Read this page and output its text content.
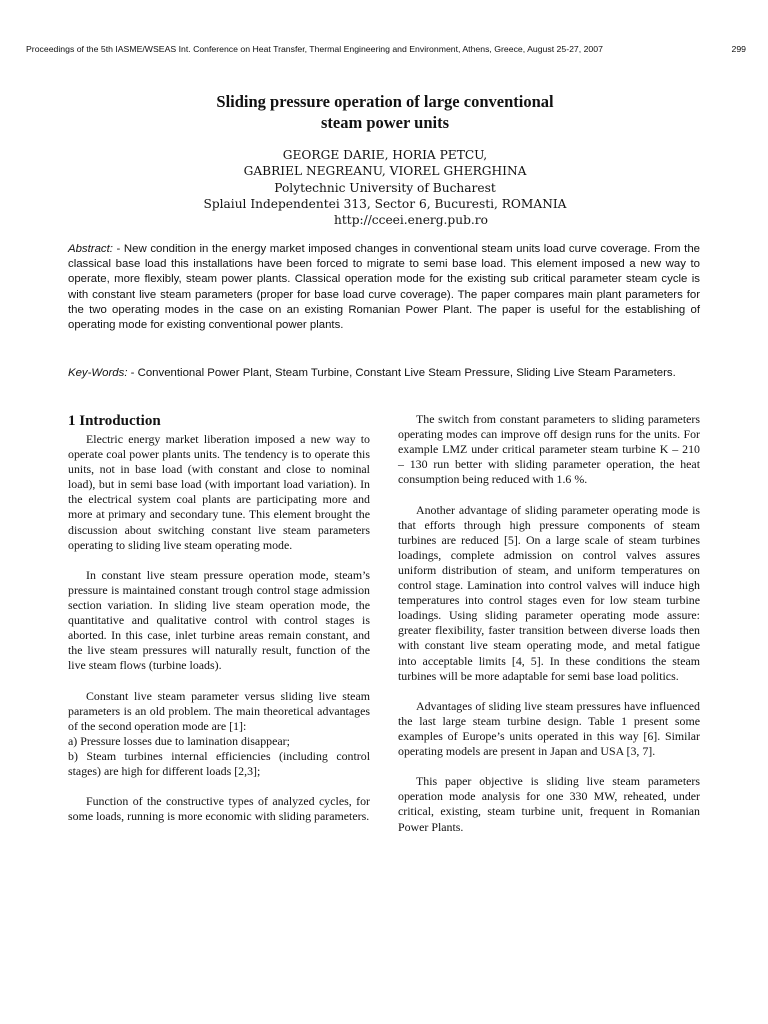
Proceedings of the 5th IASME/WSEAS Int. Conference on Heat Transfer, Thermal Engineering and Environment, Athens, Greece, August 25-27, 2007	299
Sliding pressure operation of large conventional
steam power units
GEORGE DARIE, HORIA PETCU,
GABRIEL NEGREANU, VIOREL GHERGHINA
Polytechnic University of Bucharest
Splaiul Independentei 313, Sector 6, Bucuresti, ROMANIA
http://cceei.energ.pub.ro

Abstract: - New condition in the energy market imposed changes in conventional steam units load curve coverage. From the classical base load this installations have been forced to migrate to semi base load. This element imposed a new way to operate, more flexibly, steam power plants. Classical operation mode for the existing sub critical parameter steam cycle is with constant live steam parameters (proper for base load curve coverage). The paper compares main plant parameters for the two operating modes in the case on an existing Romanian Power Plant. The paper is useful for the establishing of operating mode for existing conventional power plants.

Key-Words: - Conventional Power Plant, Steam Turbine, Constant Live Steam Pressure, Sliding Live Steam Parameters.

1 Introduction

Electric energy market liberation imposed a new way to operate coal power plants units. The tendency is to operate this units, not in base load (with constant and close to nominal load), but in semi base load (with important load variation). In the electrical system coal plants are participating more and more at primary and secondary tune. This element brought the discussion about switching constant live steam parameters operating to sliding live steam operating mode.

In constant live steam pressure operation mode, steam’s pressure is maintained constant trough control stage admission section variation. In sliding live steam operation mode, the quantitative and qualitative control with control stages is aborted. In this case, inlet turbine areas remain constant, and the live steam pressures will naturally result, function of the live steam flows (turbine loads).

Constant live steam parameter versus sliding live steam parameters is an old problem. The main theoretical advantages of the second operation mode are [1]:

a) Pressure losses due to lamination disappear;

b) Steam turbines internal efficiencies (including control stages) are high for different loads [2,3];

Function of the constructive types of analyzed cycles, for some loads, running is more economic with sliding parameters.

The switch from constant parameters to sliding parameters operating modes can improve off design runs for the units. For example LMZ under critical parameter steam turbine K – 210 – 130 run better with sliding parameter operation, the heat consumption being reduced with 1.6 %.

Another advantage of sliding parameter operating mode is that efforts through high pressure components of steam turbines are reduced [5]. On a large scale of steam turbines loadings, complete admission on control valves assures uniform distribution of steam, and uniform temperatures on control stage. Lamination into control valves will induce high temperatures into control stages even for low steam turbine loadings. Using sliding parameter operating mode assure: greater flexibility, faster transition between diverse loads then with constant live steam operating mode, and metal fatigue into acceptable limits [4, 5]. In these conditions the steam turbines will be more adaptable for semi base load politics.

Advantages of sliding live steam pressures have influenced the last large steam turbine design. Table 1 present some examples of Europe’s units operated in this way [6]. Similar operating models are present in Japan and USA [3, 7].

This paper objective is sliding live steam parameters operation mode analysis for one 330 MW, reheated, under critical, existing, steam turbine unit, frequent in Romanian Power Plants.
